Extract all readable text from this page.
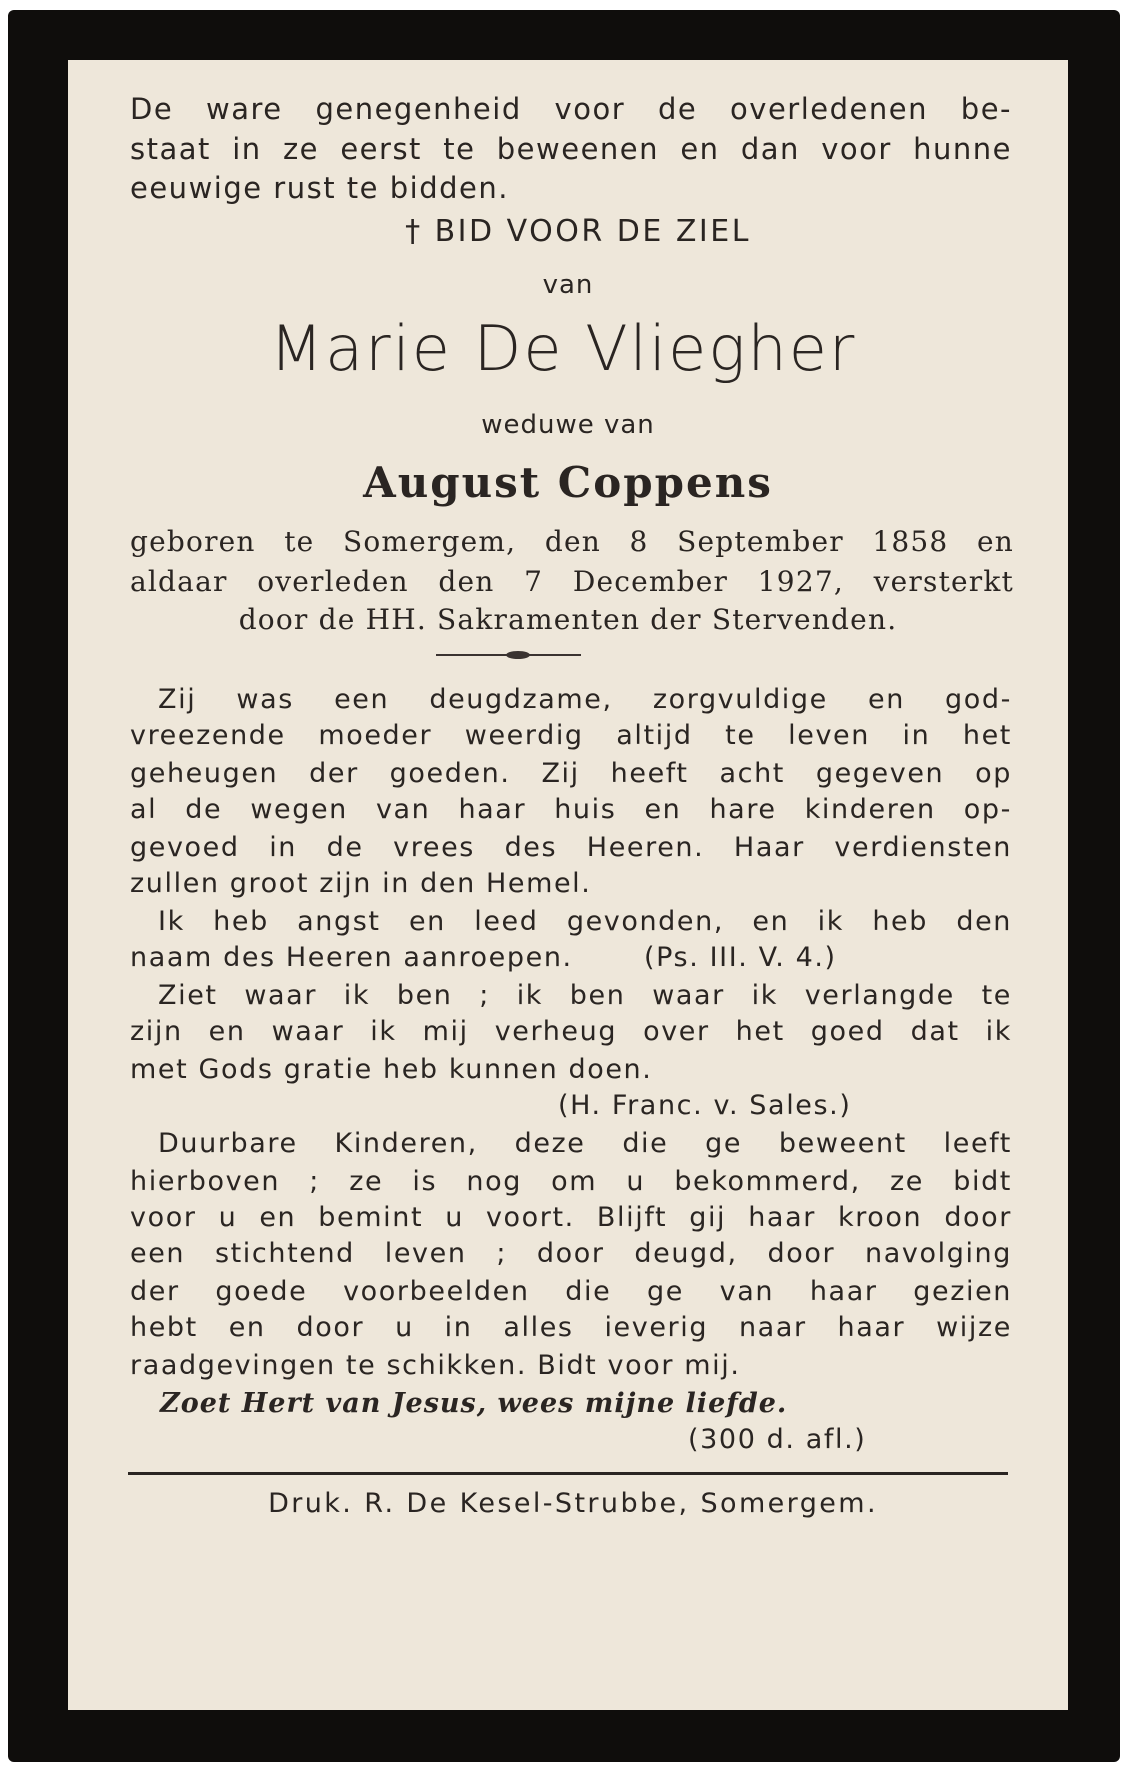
De ware genegenheid voor de overledenen be-
staat in ze eerst te beweenen en dan voor hunne
eeuwige rust te bidden.
† BID VOOR DE ZIEL
van
Marie De Vliegher
weduwe van
August Coppens
geboren te Somergem, den 8 September 1858 en
aldaar overleden den 7 December 1927, versterkt
door de HH. Sakramenten der Stervenden.
Zij was een deugdzame, zorgvuldige en god-
vreezende moeder weerdig altijd te leven in het
geheugen der goeden. Zij heeft acht gegeven op
al de wegen van haar huis en hare kinderen op-
gevoed in de vrees des Heeren. Haar verdiensten
zullen groot zijn in den Hemel.
Ik heb angst en leed gevonden, en ik heb den
naam des Heeren aanroepen.	(Ps. III. V. 4.)
Ziet waar ik ben ; ik ben waar ik verlangde te
zijn en waar ik mij verheug over het goed dat ik
met Gods gratie heb kunnen doen.
(H. Franc. v. Sales.)
Duurbare Kinderen, deze die ge beweent leeft
hierboven ; ze is nog om u bekommerd, ze bidt
voor u en bemint u voort. Blijft gij haar kroon door
een stichtend leven ; door deugd, door navolging
der goede voorbeelden die ge van haar gezien
hebt en door u in alles ieverig naar haar wijze
raadgevingen te schikken. Bidt voor mij.
Zoet Hert van Jesus, wees mijne liefde.
(300 d. afl.)
Druk. R. De Kesel-Strubbe, Somergem.
